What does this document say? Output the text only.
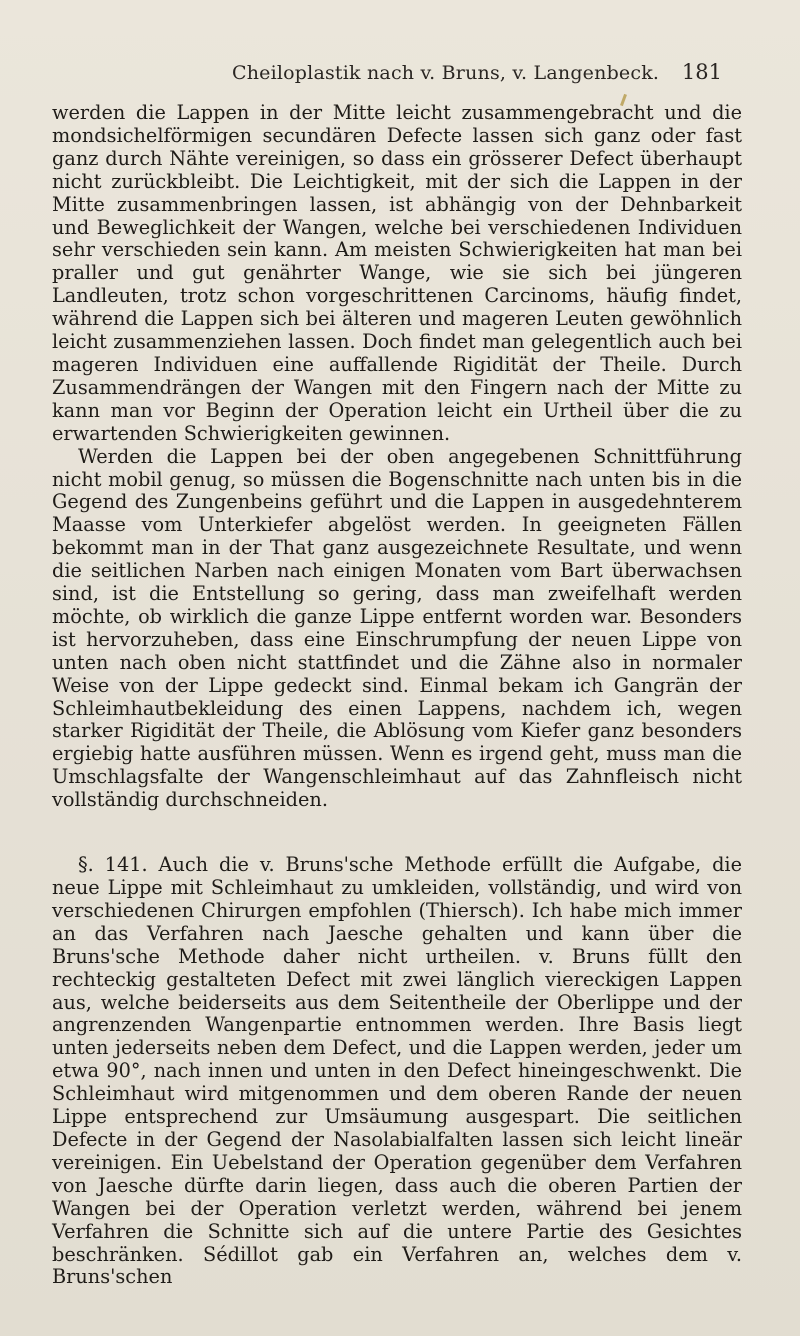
Cheiloplastik nach v. Bruns, v. Langenbeck. 181

werden die Lappen in der Mitte leicht zusammengebracht und die mondsichelförmigen secundären Defecte lassen sich ganz oder fast ganz durch Nähte vereinigen, so dass ein grösserer Defect überhaupt nicht zurückbleibt. Die Leichtigkeit, mit der sich die Lappen in der Mitte zusammenbringen lassen, ist abhängig von der Dehnbarkeit und Beweglichkeit der Wangen, welche bei verschiedenen Individuen sehr verschieden sein kann. Am meisten Schwierigkeiten hat man bei praller und gut genährter Wange, wie sie sich bei jüngeren Landleuten, trotz schon vorgeschrittenen Carcinoms, häufig findet, während die Lappen sich bei älteren und mageren Leuten gewöhnlich leicht zusammenziehen lassen. Doch findet man gelegentlich auch bei mageren Individuen eine auffallende Rigidität der Theile. Durch Zusammendrängen der Wangen mit den Fingern nach der Mitte zu kann man vor Beginn der Operation leicht ein Urtheil über die zu erwartenden Schwierigkeiten gewinnen.

Werden die Lappen bei der oben angegebenen Schnittführung nicht mobil genug, so müssen die Bogenschnitte nach unten bis in die Gegend des Zungenbeins geführt und die Lappen in ausgedehnterem Maasse vom Unterkiefer abgelöst werden. In geeigneten Fällen bekommt man in der That ganz ausgezeichnete Resultate, und wenn die seitlichen Narben nach einigen Monaten vom Bart überwachsen sind, ist die Entstellung so gering, dass man zweifelhaft werden möchte, ob wirklich die ganze Lippe entfernt worden war. Besonders ist hervorzuheben, dass eine Einschrumpfung der neuen Lippe von unten nach oben nicht stattfindet und die Zähne also in normaler Weise von der Lippe gedeckt sind. Einmal bekam ich Gangrän der Schleimhautbekleidung des einen Lappens, nachdem ich, wegen starker Rigidität der Theile, die Ablösung vom Kiefer ganz besonders ergiebig hatte ausführen müssen. Wenn es irgend geht, muss man die Umschlagsfalte der Wangenschleimhaut auf das Zahnfleisch nicht vollständig durchschneiden.

§. 141. Auch die v. Bruns'sche Methode erfüllt die Aufgabe, die neue Lippe mit Schleimhaut zu umkleiden, vollständig, und wird von verschiedenen Chirurgen empfohlen (Thiersch). Ich habe mich immer an das Verfahren nach Jaesche gehalten und kann über die Bruns'sche Methode daher nicht urtheilen. v. Bruns füllt den rechteckig gestalteten Defect mit zwei länglich viereckigen Lappen aus, welche beiderseits aus dem Seitentheile der Oberlippe und der angrenzenden Wangenpartie entnommen werden. Ihre Basis liegt unten jederseits neben dem Defect, und die Lappen werden, jeder um etwa 90°, nach innen und unten in den Defect hineingeschwenkt. Die Schleimhaut wird mitgenommen und dem oberen Rande der neuen Lippe entsprechend zur Umsäumung ausgespart. Die seitlichen Defecte in der Gegend der Nasolabialfalten lassen sich leicht lineär vereinigen. Ein Uebelstand der Operation gegenüber dem Verfahren von Jaesche dürfte darin liegen, dass auch die oberen Partien der Wangen bei der Operation verletzt werden, während bei jenem Verfahren die Schnitte sich auf die untere Partie des Gesichtes beschränken. Sédillot gab ein Verfahren an, welches dem v. Bruns'schen
